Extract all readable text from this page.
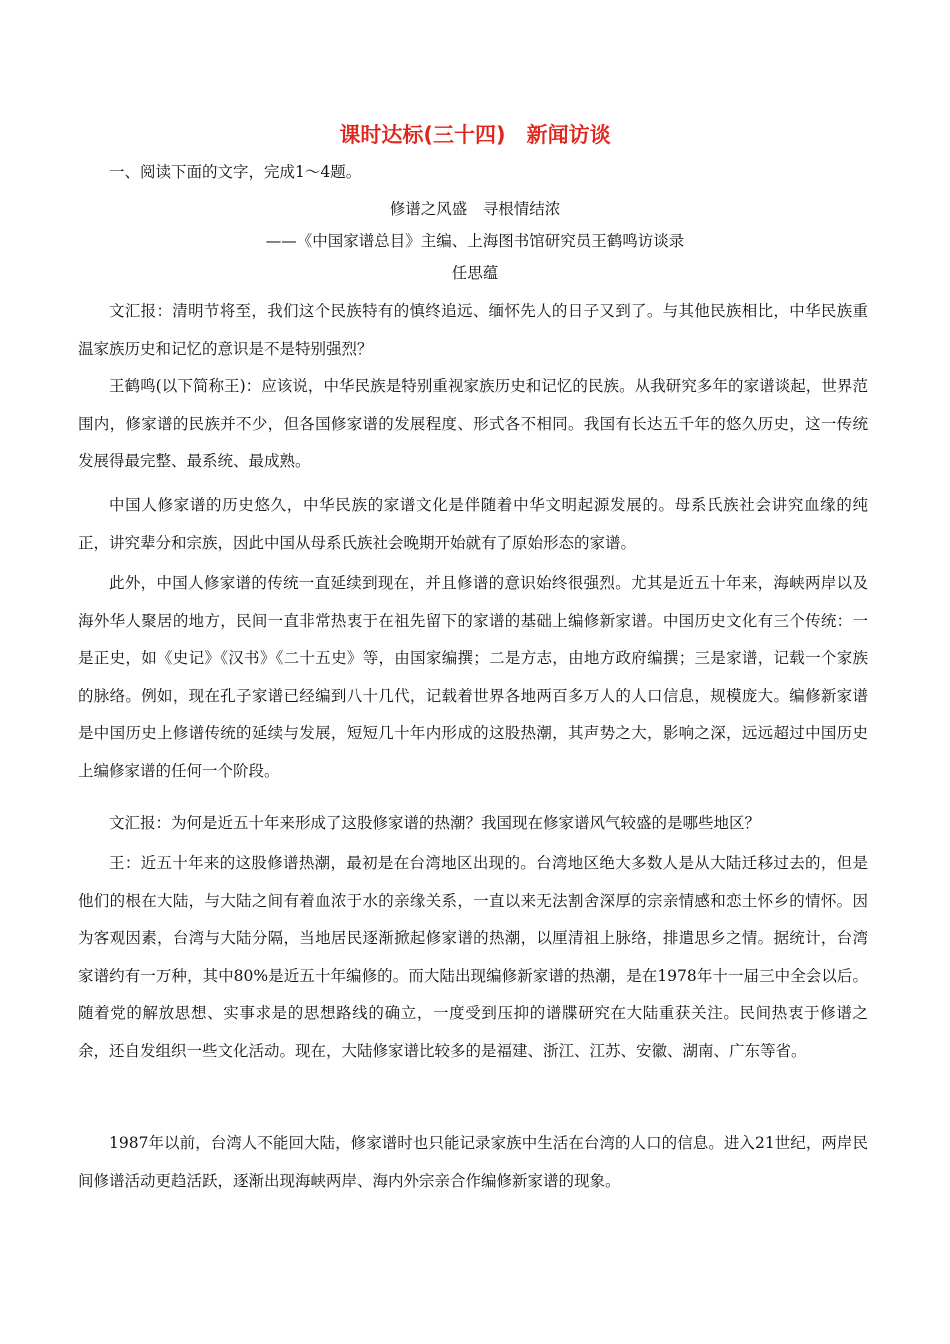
课时达标(三十四)　新闻访谈
一、阅读下面的文字，完成1～4题。
修谱之风盛　寻根情结浓
——《中国家谱总目》主编、上海图书馆研究员王鹤鸣访谈录
任思蕴

文汇报：清明节将至，我们这个民族特有的慎终追远、缅怀先人的日子又到了。与其他民族相比，中华民族重温家族历史和记忆的意识是不是特别强烈？

王鹤鸣(以下简称王)：应该说，中华民族是特别重视家族历史和记忆的民族。从我研究多年的家谱谈起，世界范围内，修家谱的民族并不少，但各国修家谱的发展程度、形式各不相同。我国有长达五千年的悠久历史，这一传统发展得最完整、最系统、最成熟。

中国人修家谱的历史悠久，中华民族的家谱文化是伴随着中华文明起源发展的。母系氏族社会讲究血缘的纯正，讲究辈分和宗族，因此中国从母系氏族社会晚期开始就有了原始形态的家谱。

此外，中国人修家谱的传统一直延续到现在，并且修谱的意识始终很强烈。尤其是近五十年来，海峡两岸以及海外华人聚居的地方，民间一直非常热衷于在祖先留下的家谱的基础上编修新家谱。中国历史文化有三个传统：一是正史，如《史记》《汉书》《二十五史》等，由国家编撰；二是方志，由地方政府编撰；三是家谱，记载一个家族的脉络。例如，现在孔子家谱已经编到八十几代，记载着世界各地两百多万人的人口信息，规模庞大。编修新家谱是中国历史上修谱传统的延续与发展，短短几十年内形成的这股热潮，其声势之大，影响之深，远远超过中国历史上编修家谱的任何一个阶段。

文汇报：为何是近五十年来形成了这股修家谱的热潮？我国现在修家谱风气较盛的是哪些地区？

王：近五十年来的这股修谱热潮，最初是在台湾地区出现的。台湾地区绝大多数人是从大陆迁移过去的，但是他们的根在大陆，与大陆之间有着血浓于水的亲缘关系，一直以来无法割舍深厚的宗亲情感和恋土怀乡的情怀。因为客观因素，台湾与大陆分隔，当地居民逐渐掀起修家谱的热潮，以厘清祖上脉络，排遣思乡之情。据统计，台湾家谱约有一万种，其中80%是近五十年编修的。而大陆出现编修新家谱的热潮，是在1978年十一届三中全会以后。随着党的解放思想、实事求是的思想路线的确立，一度受到压抑的谱牒研究在大陆重获关注。民间热衷于修谱之余，还自发组织一些文化活动。现在，大陆修家谱比较多的是福建、浙江、江苏、安徽、湖南、广东等省。

1987年以前，台湾人不能回大陆，修家谱时也只能记录家族中生活在台湾的人口的信息。进入21世纪，两岸民间修谱活动更趋活跃，逐渐出现海峡两岸、海内外宗亲合作编修新家谱的现象。
